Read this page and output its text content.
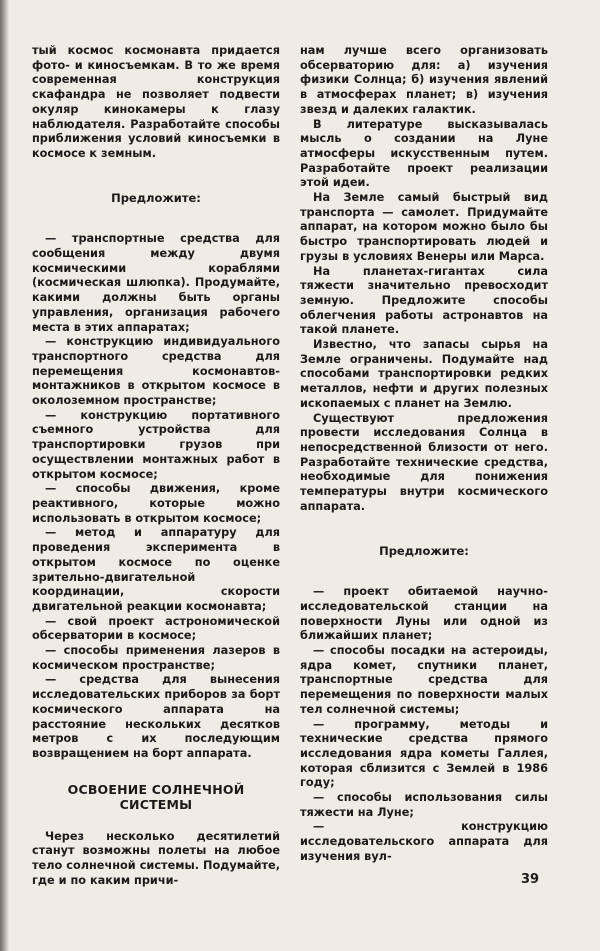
тый космос космонавта придается фото- и киносъемкам. В то же время современная конструкция скафандра не позволяет подвести окуляр кинокамеры к глазу наблюдателя. Разработайте способы приближения условий киносъемки в космосе к земным.

Предложите:

— транспортные средства для сообщения между двумя космическими кораблями (космическая шлюпка). Продумайте, какими должны быть органы управления, организация рабочего места в этих аппаратах;

— конструкцию индивидуального транспортного средства для перемещения космонавтов-монтажников в открытом космосе в околоземном пространстве;

— конструкцию портативного съемного устройства для транспортировки грузов при осуществлении монтажных работ в открытом космосе;

— способы движения, кроме реактивного, которые можно использовать в открытом космосе;

— метод и аппаратуру для проведения эксперимента в открытом космосе по оценке зрительно-двигательной координации, скорости двигательной реакции космонавта;

— свой проект астрономической обсерватории в космосе;

— способы применения лазеров в космическом пространстве;

— средства для вынесения исследовательских приборов за борт космического аппарата на расстояние нескольких десятков метров с их последующим возвращением на борт аппарата.

ОСВОЕНИЕ СОЛНЕЧНОЙ СИСТЕМЫ

Через несколько десятилетий станут возможны полеты на любое тело солнечной системы. Подумайте, где и по каким причи-

нам лучше всего организовать обсерваторию для: а) изучения физики Солнца; б) изучения явлений в атмосферах планет; в) изучения звезд и далеких галактик.

В литературе высказывалась мысль о создании на Луне атмосферы искусственным путем. Разработайте проект реализации этой идеи.

На Земле самый быстрый вид транспорта — самолет. Придумайте аппарат, на котором можно было бы быстро транспортировать людей и грузы в условиях Венеры или Марса.

На планетах-гигантах сила тяжести значительно превосходит земную. Предложите способы облегчения работы астронавтов на такой планете.

Известно, что запасы сырья на Земле ограничены. Подумайте над способами транспортировки редких металлов, нефти и других полезных ископаемых с планет на Землю.

Существуют предложения провести исследования Солнца в непосредственной близости от него. Разработайте технические средства, необходимые для понижения температуры внутри космического аппарата.

Предложите:

— проект обитаемой научно-исследовательской станции на поверхности Луны или одной из ближайших планет;

— способы посадки на астероиды, ядра комет, спутники планет, транспортные средства для перемещения по поверхности малых тел солнечной системы;

— программу, методы и технические средства прямого исследования ядра кометы Галлея, которая сблизится с Землей в 1986 году;

— способы использования силы тяжести на Луне;

— конструкцию исследовательского аппарата для изучения вул-

39
